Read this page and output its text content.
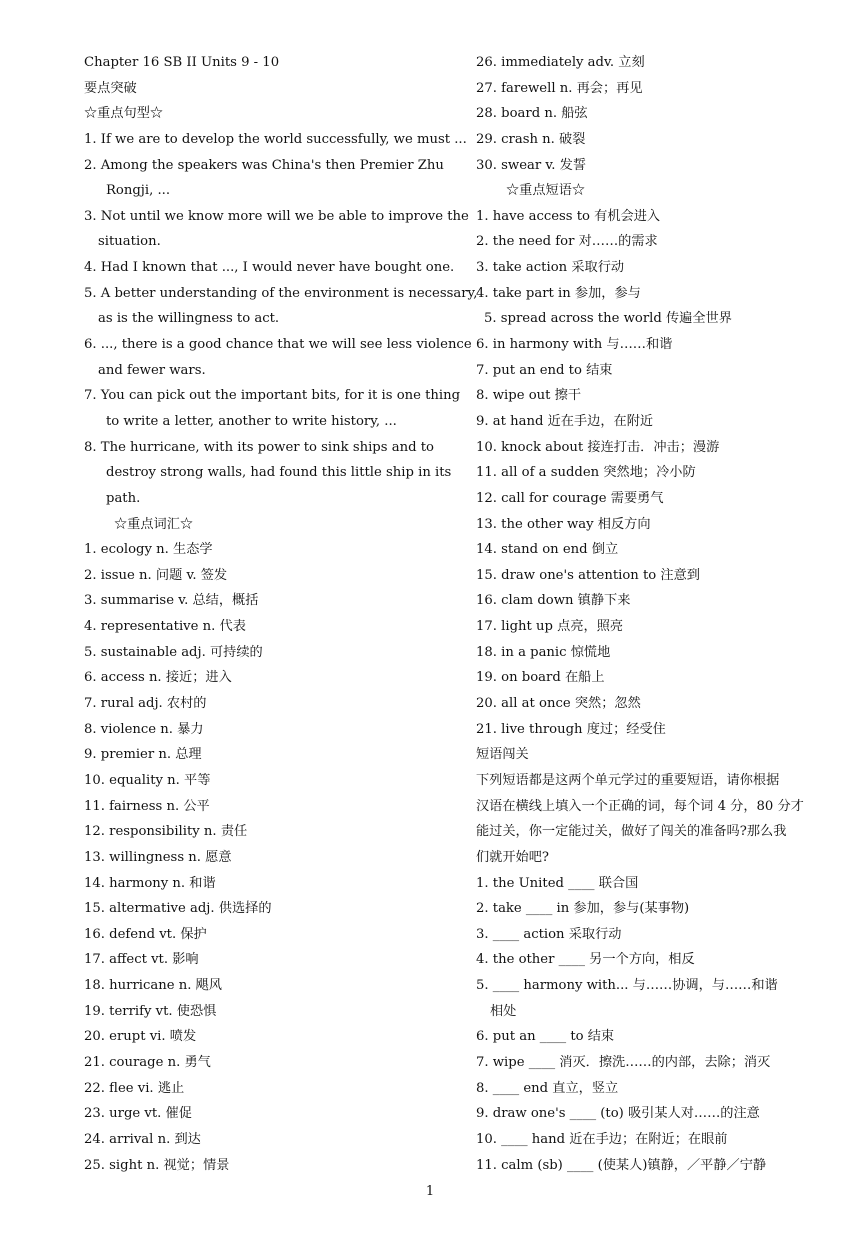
Chapter 16 SB II Units 9 - 10
要点突破
☆重点句型☆
1. If we are to develop the world successfully, we must ...
2. Among the speakers was China's then Premier Zhu
Rongji, ...
3. Not until we know more will we be able to improve the
situation.
4. Had I known that ..., I would never have bought one.
5. A better understanding of the environment is necessary,
as is the willingness to act.
6. ..., there is a good chance that we will see less violence
and fewer wars.
7. You can pick out the important bits, for it is one thing
to write a letter, another to write history, ...
8. The hurricane, with its power to sink ships and to
destroy strong walls, had found this little ship in its
path.
☆重点词汇☆
1. ecology n. 生态学
2. issue n. 问题 v. 签发
3. summarise v. 总结，概括
4. representative n. 代表
5. sustainable adj. 可持续的
6. access n. 接近；进入
7. rural adj. 农村的
8. violence n. 暴力
9. premier n. 总理
10. equality n. 平等
11. fairness n. 公平
12. responsibility n. 责任
13. willingness n. 愿意
14. harmony n. 和谐
15. altermative adj. 供选择的
16. defend vt. 保护
17. affect vt. 影响
18. hurricane n. 飓风
19. terrify vt. 使恐惧
20. erupt vi. 喷发
21. courage n. 勇气
22. flee vi. 逃止
23. urge vt. 催促
24. arrival n. 到达
25. sight n. 视觉；情景
26. immediately adv. 立刻
27. farewell n. 再会；再见
28. board n. 船弦
29. crash n. 破裂
30. swear v. 发誓
☆重点短语☆
1. have access to 有机会进入
2. the need for 对……的需求
3. take action 采取行动
4. take part in 参加，参与
5. spread across the world 传遍全世界
6. in harmony with 与……和谐
7. put an end to 结束
8. wipe out 擦干
9. at hand 近在手边，在附近
10. knock about 接连打击．冲击；漫游
11. all of a sudden 突然地；冷小防
12. call for courage 需要勇气
13. the other way 相反方向
14. stand on end 倒立
15. draw one's attention to 注意到
16. clam down 镇静下来
17. light up 点亮，照亮
18. in a panic 惊慌地
19. on board 在船上
20. all at once 突然；忽然
21. live through 度过；经受住
短语闯关
下列短语都是这两个单元学过的重要短语，请你根据
汉语在横线上填入一个正确的词，每个词 4 分，80 分才
能过关，你一定能过关，做好了闯关的准备吗?那么我
们就开始吧?
1. the United ____ 联合国
2. take ____ in 参加，参与(某事物)
3. ____ action 采取行动
4. the other ____ 另一个方向，相反
5. ____ harmony with... 与……协调，与……和谐
相处
6. put an ____ to 结束
7. wipe ____ 消灭．擦洗……的内部，去除；消灭
8. ____ end 直立，竖立
9. draw one's ____ (to) 吸引某人对……的注意
10. ____ hand 近在手边；在附近；在眼前
11. calm (sb) ____ (使某人)镇静，／平静／宁静
1
